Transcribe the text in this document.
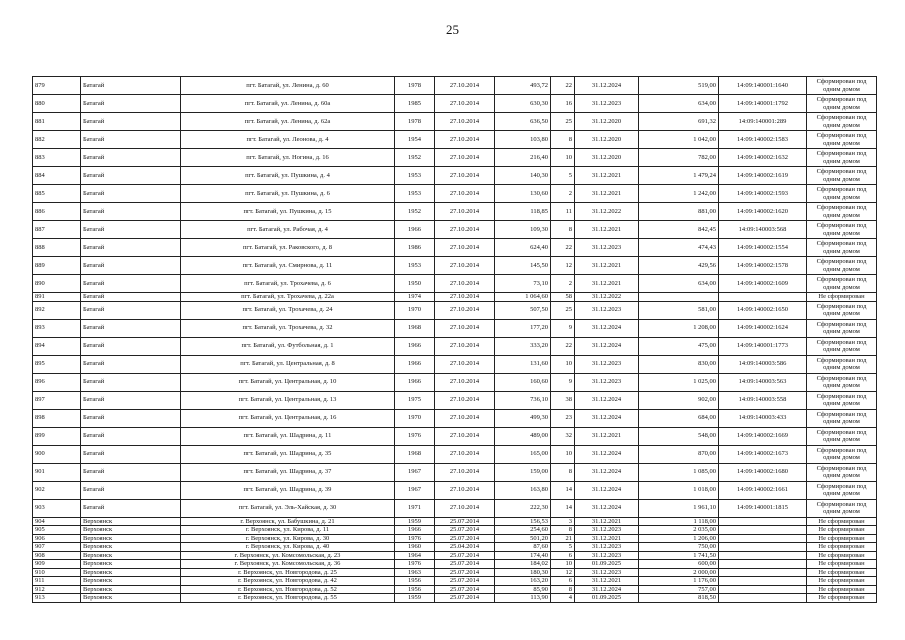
25
879	Батагай	пгт. Батагай, ул. Ленина, д. 60	1978	27.10.2014	493,72	22	31.12.2024	519,00	14:09:140001:1640	Сформирован под одним домом
880	Батагай	пгт. Батагай, ул. Ленина, д. 60а	1985	27.10.2014	630,30	16	31.12.2023	634,00	14:09:140001:1792	Сформирован под одним домом
881	Батагай	пгт. Батагай, ул. Ленина, д. 62а	1978	27.10.2014	636,50	25	31.12.2020	691,32	14:09:140001:289	Сформирован под одним домом
882	Батагай	пгт. Батагай, ул. Леонова, д. 4	1954	27.10.2014	103,80	8	31.12.2020	1 042,00	14:09:140002:1583	Сформирован под одним домом
883	Батагай	пгт. Батагай, ул. Ногина, д. 16	1952	27.10.2014	216,40	10	31.12.2020	782,00	14:09:140002:1632	Сформирован под одним домом
884	Батагай	пгт. Батагай, ул. Пушкина, д. 4	1953	27.10.2014	140,30	5	31.12.2021	1 479,24	14:09:140002:1619	Сформирован под одним домом
885	Батагай	пгт. Батагай, ул. Пушкина, д. 6	1953	27.10.2014	130,60	2	31.12.2021	1 242,00	14:09:140002:1593	Сформирован под одним домом
886	Батагай	пгт. Батагай, ул. Пушкина, д. 15	1952	27.10.2014	118,85	11	31.12.2022	881,00	14:09:140002:1620	Сформирован под одним домом
887	Батагай	пгт. Батагай, ул. Рабочая, д. 4	1966	27.10.2014	109,30	8	31.12.2021	842,45	14:09:140003:568	Сформирован под одним домом
888	Батагай	пгт. Батагай, ул. Раковского, д. 8	1986	27.10.2014	624,40	22	31.12.2023	474,43	14:09:140002:1554	Сформирован под одним домом
889	Батагай	пгт. Батагай, ул. Смирнова, д. 11	1953	27.10.2014	145,50	12	31.12.2021	429,56	14:09:140002:1578	Сформирован под одним домом
890	Батагай	пгт. Батагай, ул. Трохачева, д. 6	1950	27.10.2014	73,10	2	31.12.2021	634,00	14:09:140002:1609	Сформирован под одним домом
891	Батагай	пгт. Батагай, ул. Трохачева, д. 22а	1974	27.10.2014	1 064,60	58	31.12.2022			Не сформирован
892	Батагай	пгт. Батагай, ул. Трохачева, д. 24	1970	27.10.2014	507,50	25	31.12.2023	581,00	14:09:140002:1650	Сформирован под одним домом
893	Батагай	пгт. Батагай, ул. Трохачева, д. 32	1968	27.10.2014	177,20	9	31.12.2024	1 208,00	14:09:140002:1624	Сформирован под одним домом
894	Батагай	пгт. Батагай, ул. Футбольная, д. 1	1966	27.10.2014	333,20	22	31.12.2024	475,00	14:09:140001:1773	Сформирован под одним домом
895	Батагай	пгт. Батагай, ул. Центральная, д. 8	1966	27.10.2014	131,60	10	31.12.2023	830,00	14:09:140003:586	Сформирован под одним домом
896	Батагай	пгт. Батагай, ул. Центральная, д. 10	1966	27.10.2014	160,60	9	31.12.2023	1 025,00	14:09:140003:563	Сформирован под одним домом
897	Батагай	пгт. Батагай, ул. Центральная, д. 13	1975	27.10.2014	736,10	38	31.12.2024	902,00	14:09:140003:558	Сформирован под одним домом
898	Батагай	пгт. Батагай, ул. Центральная, д. 16	1970	27.10.2014	499,30	23	31.12.2024	684,00	14:09:140003:433	Сформирован под одним домом
899	Батагай	пгт. Батагай, ул. Шадрина, д. 11	1976	27.10.2014	489,00	32	31.12.2021	548,00	14:09:140002:1669	Сформирован под одним домом
900	Батагай	пгт. Батагай, ул. Шадрина, д. 35	1968	27.10.2014	165,00	10	31.12.2024	870,00	14:09:140002:1673	Сформирован под одним домом
901	Батагай	пгт. Батагай, ул. Шадрина, д. 37	1967	27.10.2014	159,00	8	31.12.2024	1 085,00	14:09:140002:1680	Сформирован под одним домом
902	Батагай	пгт. Батагай, ул. Шадрина, д. 39	1967	27.10.2014	163,80	14	31.12.2024	1 018,00	14:09:140002:1661	Сформирован под одним домом
903	Батагай	пгт. Батагай, ул. Эль-Хайская, д. 30	1971	27.10.2014	222,30	14	31.12.2024	1 961,10	14:09:140001:1815	Сформирован под одним домом
904	Верхоянск	г. Верхоянск, ул. Бабушкина, д. 21	1959	25.07.2014	156,53	3	31.12.2021	1 118,00		Не сформирован
905	Верхоянск	г. Верхоянск, ул. Кирова, д. 11	1966	25.07.2014	254,60	8	31.12.2023	2 035,00		Не сформирован
906	Верхоянск	г. Верхоянск, ул. Кирова, д. 30	1976	25.07.2014	501,20	21	31.12.2021	1 206,00		Не сформирован
907	Верхоянск	г. Верхоянск, ул. Кирова, д. 40	1960	25.04.2014	87,60	5	31.12.2023	750,00		Не сформирован
908	Верхоянск	г. Верхоянск, ул. Комсомольская, д. 23	1964	25.07.2014	174,40	6	31.12.2023	1 741,50		Не сформирован
909	Верхоянск	г. Верхоянск, ул. Комсомольская, д. 36	1976	25.07.2014	184,02	10	01.09.2025	600,00		Не сформирован
910	Верхоянск	г. Верхоянск, ул. Новгородова, д. 25	1963	25.07.2014	180,30	12	31.12.2023	2 000,00		Не сформирован
911	Верхоянск	г. Верхоянск, ул. Новгородова, д. 42	1956	25.07.2014	163,20	6	31.12.2021	1 176,00		Не сформирован
912	Верхоянск	г. Верхоянск, ул. Новгородова, д. 52	1956	25.07.2014	85,90	8	31.12.2024	757,00		Не сформирован
913	Верхоянск	г. Верхоянск, ул. Новгородова, д. 55	1959	25.07.2014	113,90	4	01.09.2025	818,50		Не сформирован
